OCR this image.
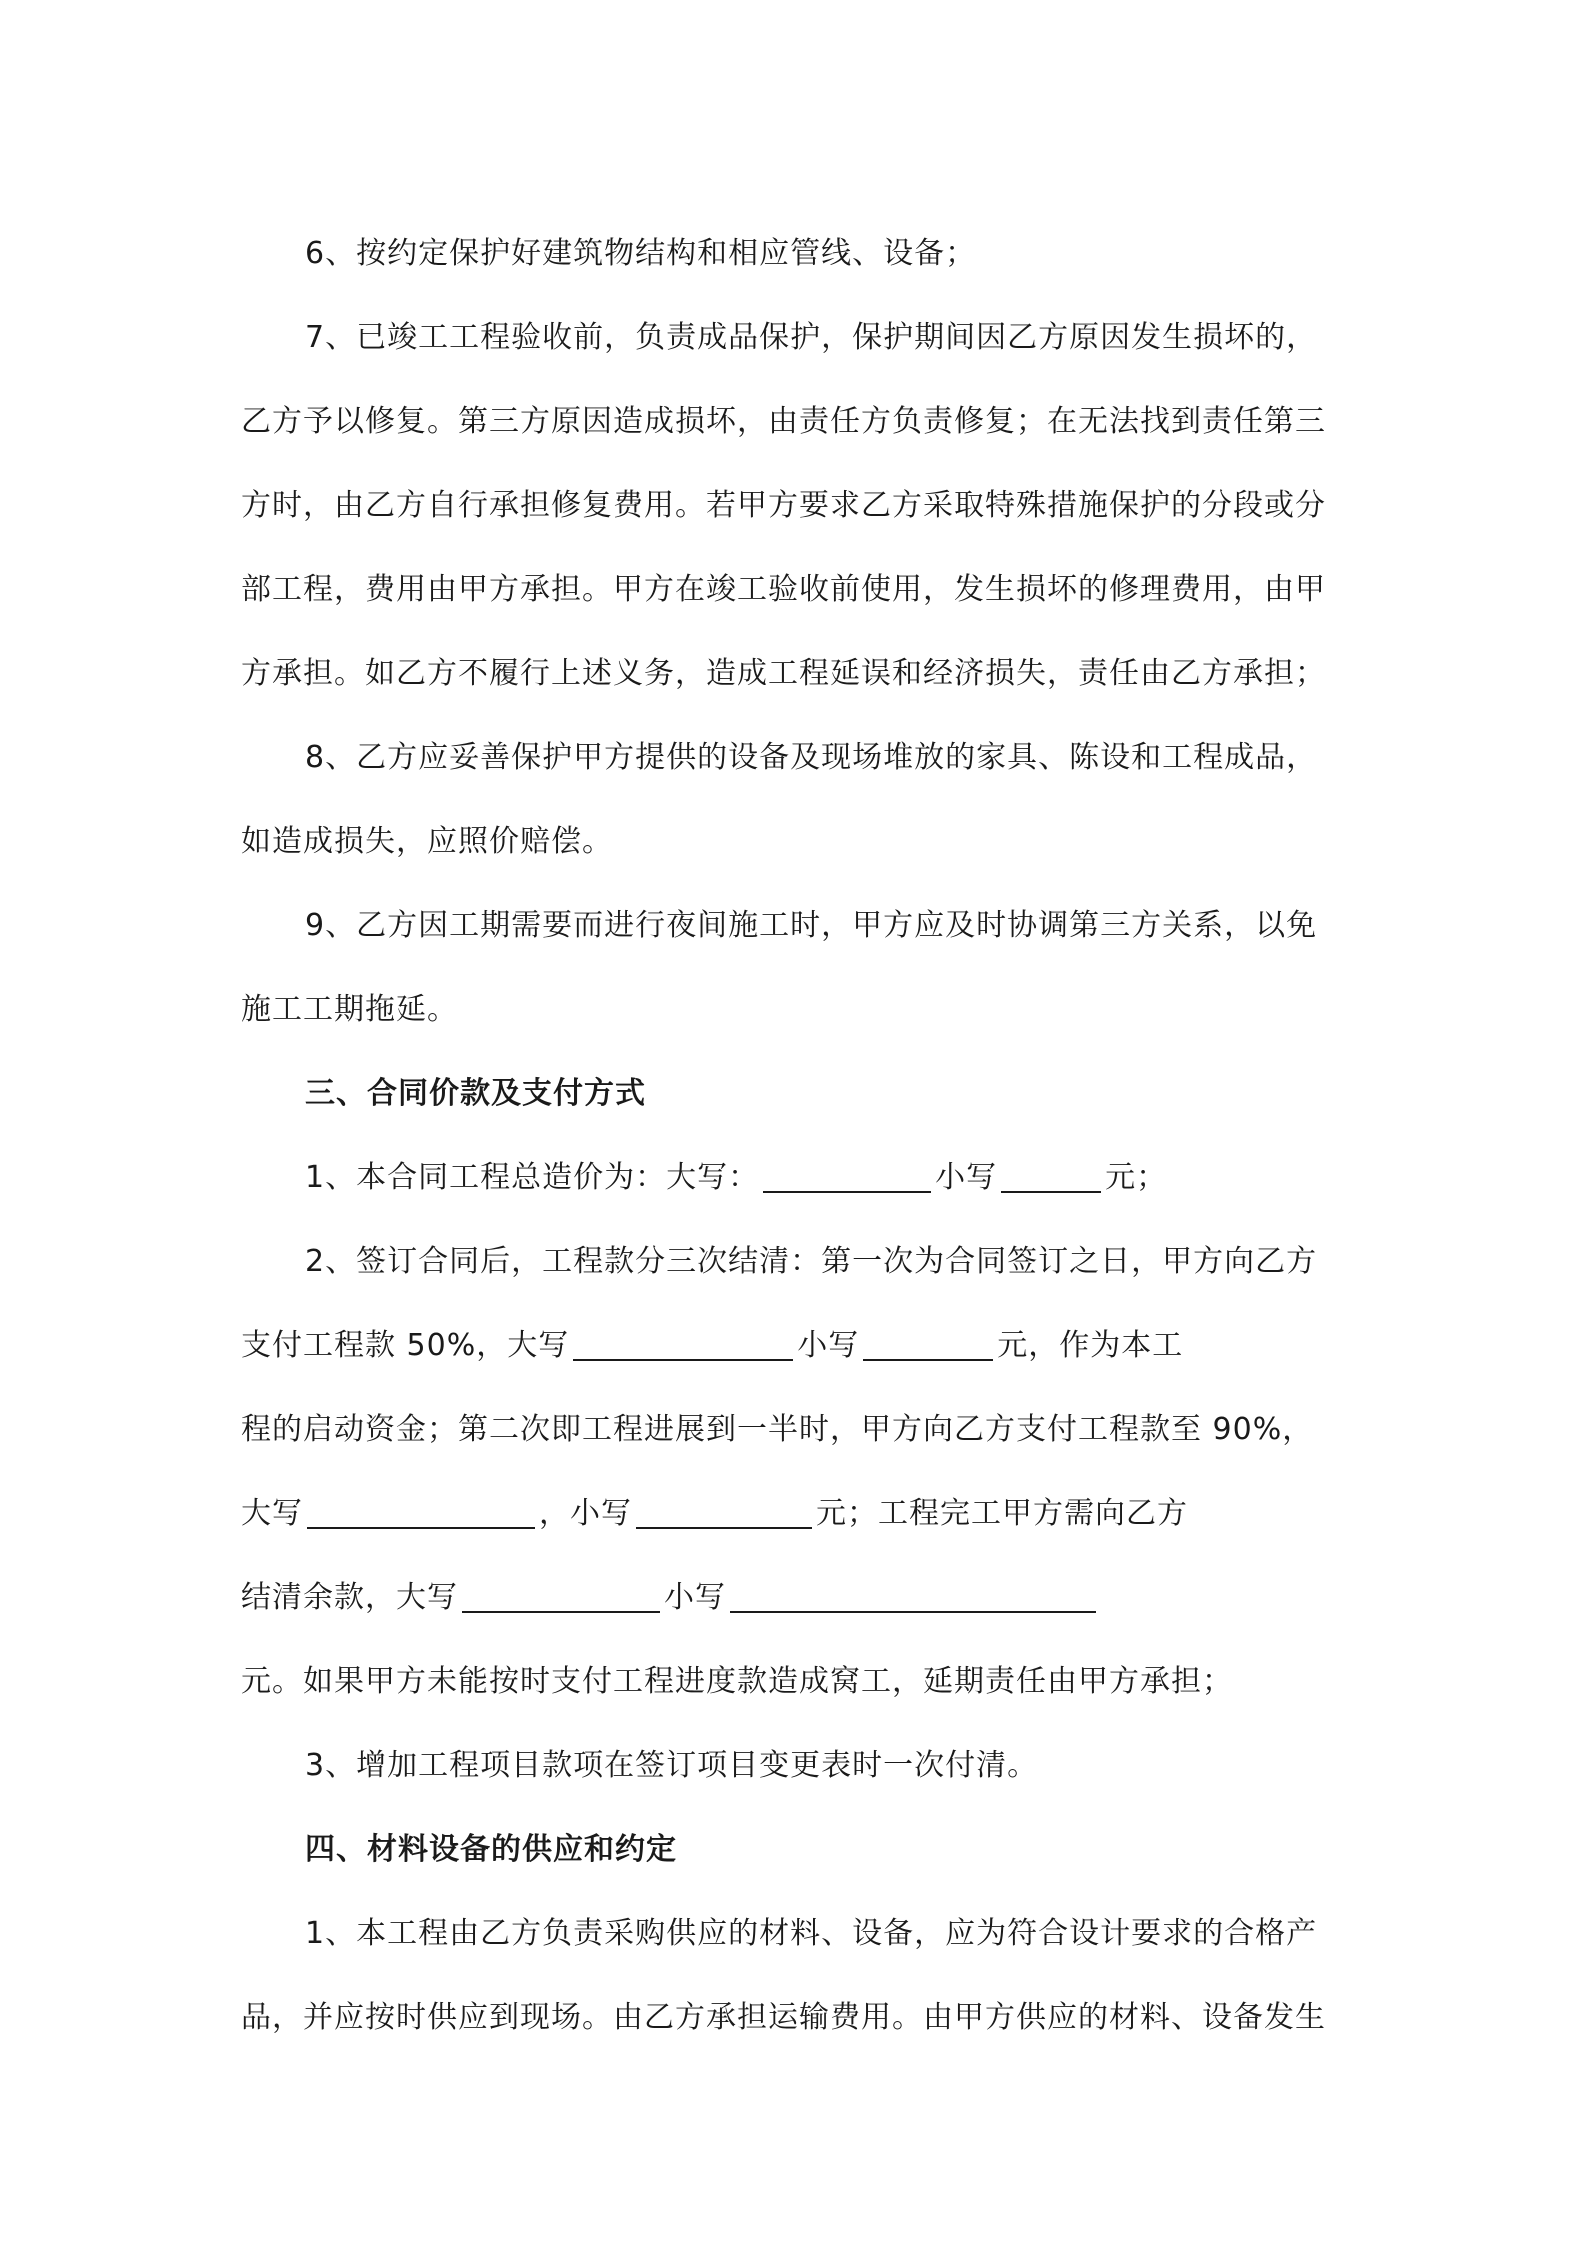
6、按约定保护好建筑物结构和相应管线、设备；
7、已竣工工程验收前，负责成品保护，保护期间因乙方原因发生损坏的，
乙方予以修复。第三方原因造成损坏，由责任方负责修复；在无法找到责任第三
方时，由乙方自行承担修复费用。若甲方要求乙方采取特殊措施保护的分段或分
部工程，费用由甲方承担。甲方在竣工验收前使用，发生损坏的修理费用，由甲
方承担。如乙方不履行上述义务，造成工程延误和经济损失，责任由乙方承担；
8、乙方应妥善保护甲方提供的设备及现场堆放的家具、陈设和工程成品，
如造成损失，应照价赔偿。
9、乙方因工期需要而进行夜间施工时，甲方应及时协调第三方关系，以免
施工工期拖延。
三、合同价款及支付方式
1、本合同工程总造价为：大写：	小写	元；
2、签订合同后，工程款分三次结清：第一次为合同签订之日，甲方向乙方
支付工程款 50%，大写	小写	元，作为本工
程的启动资金；第二次即工程进展到一半时，甲方向乙方支付工程款至 90%，
大写	，小写	元；工程完工甲方需向乙方
结清余款，大写	小写
元。如果甲方未能按时支付工程进度款造成窝工，延期责任由甲方承担；
3、增加工程项目款项在签订项目变更表时一次付清。
四、材料设备的供应和约定
1、本工程由乙方负责采购供应的材料、设备，应为符合设计要求的合格产
品，并应按时供应到现场。由乙方承担运输费用。由甲方供应的材料、设备发生
